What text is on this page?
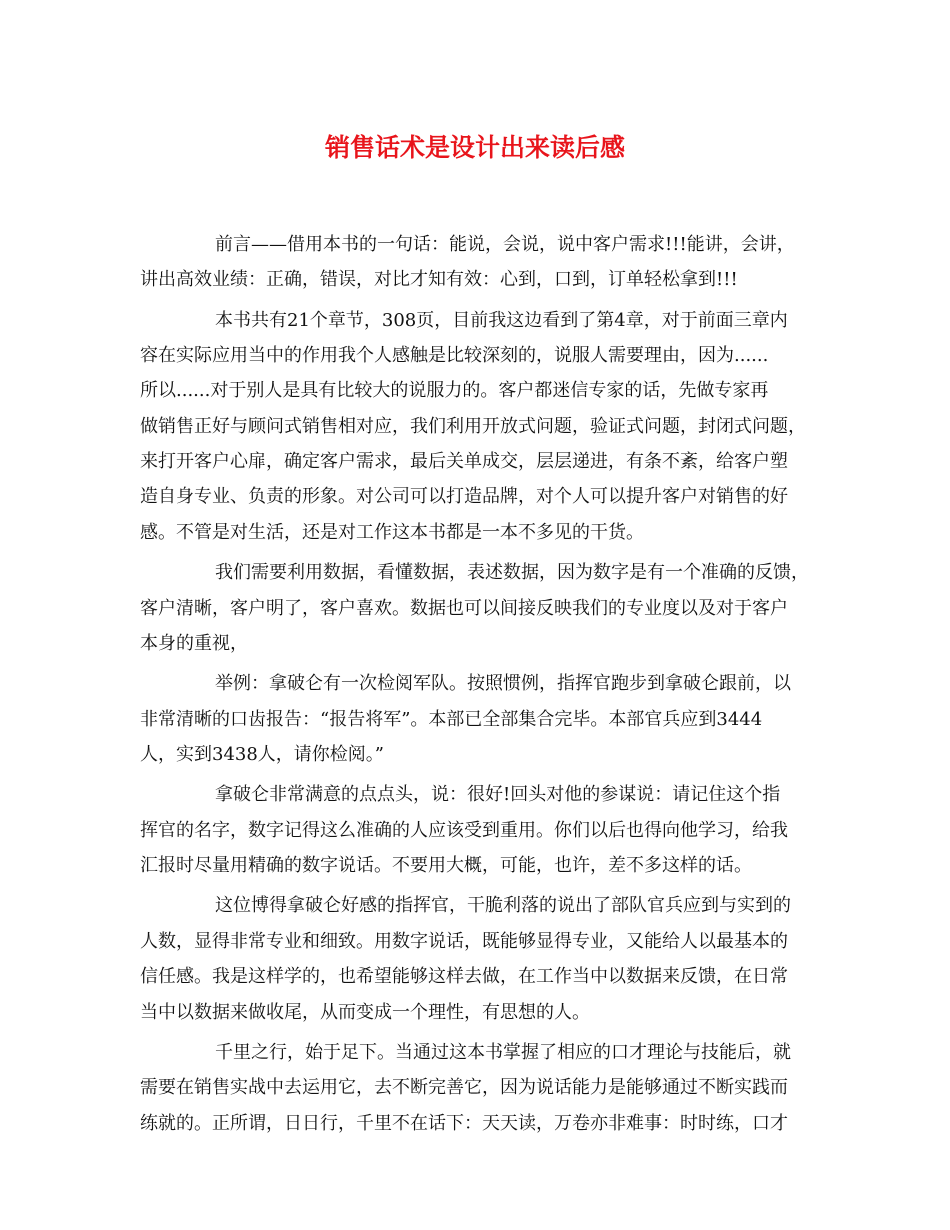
销售话术是设计出来读后感

前言——借用本书的一句话：能说，会说，说中客户需求!!!能讲，会讲，

讲出高效业绩：正确，错误，对比才知有效：心到，口到，订单轻松拿到!!!

本书共有21个章节，308页，目前我这边看到了第4章，对于前面三章内

容在实际应用当中的作用我个人感触是比较深刻的，说服人需要理由，因为......

所以......对于别人是具有比较大的说服力的。客户都迷信专家的话，先做专家再

做销售正好与顾问式销售相对应，我们利用开放式问题，验证式问题，封闭式问题，

来打开客户心扉，确定客户需求，最后关单成交，层层递进，有条不紊，给客户塑

造自身专业、负责的形象。对公司可以打造品牌，对个人可以提升客户对销售的好

感。不管是对生活，还是对工作这本书都是一本不多见的干货。

我们需要利用数据，看懂数据，表述数据，因为数字是有一个准确的反馈，

客户清晰，客户明了，客户喜欢。数据也可以间接反映我们的专业度以及对于客户

本身的重视，

举例：拿破仑有一次检阅军队。按照惯例，指挥官跑步到拿破仑跟前，以

非常清晰的口齿报告：“报告将军”。本部已全部集合完毕。本部官兵应到3444

人，实到3438人，请你检阅。”

拿破仑非常满意的点点头，说：很好!回头对他的参谋说：请记住这个指

挥官的名字，数字记得这么准确的人应该受到重用。你们以后也得向他学习，给我

汇报时尽量用精确的数字说话。不要用大概，可能，也许，差不多这样的话。

这位博得拿破仑好感的指挥官，干脆利落的说出了部队官兵应到与实到的

人数，显得非常专业和细致。用数字说话，既能够显得专业，又能给人以最基本的

信任感。我是这样学的，也希望能够这样去做，在工作当中以数据来反馈，在日常

当中以数据来做收尾，从而变成一个理性，有思想的人。

千里之行，始于足下。当通过这本书掌握了相应的口才理论与技能后，就

需要在销售实战中去运用它，去不断完善它，因为说话能力是能够通过不断实践而

练就的。正所谓，日日行，千里不在话下：天天读，万卷亦非难事：时时练，口才
